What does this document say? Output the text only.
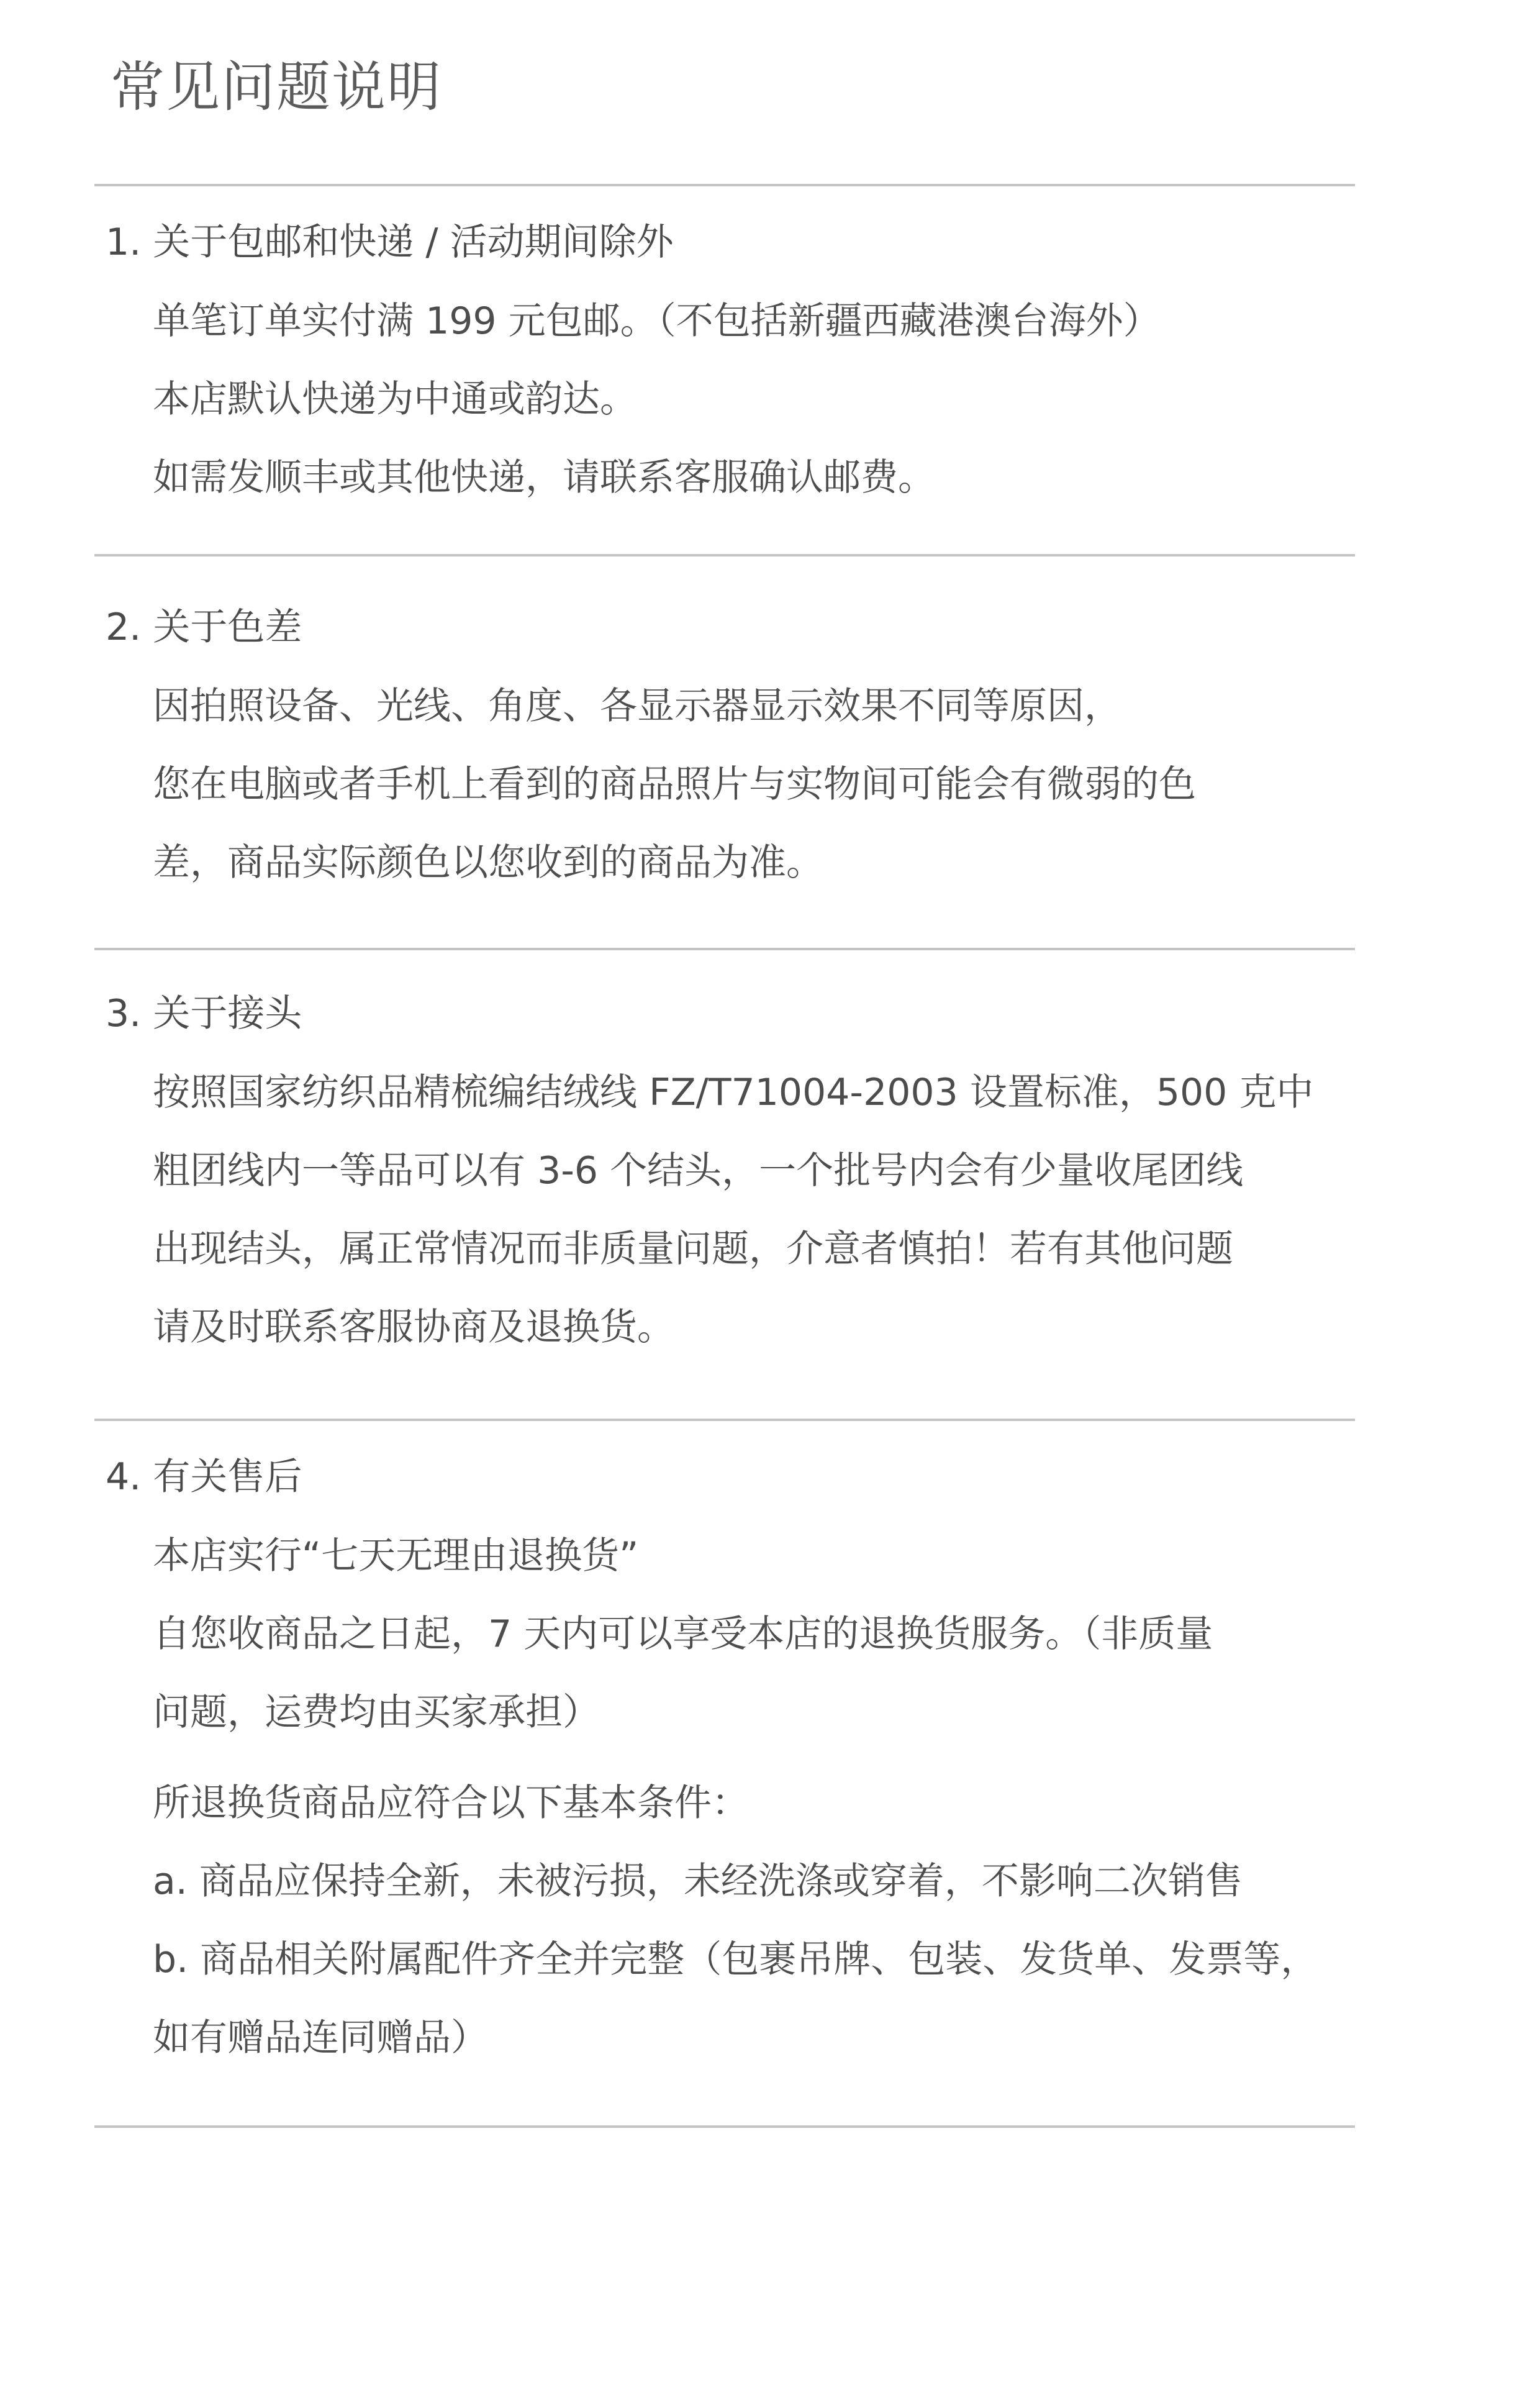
常见问题说明
1. 关于包邮和快递 / 活动期间除外
单笔订单实付满 199 元包邮。（不包括新疆西藏港澳台海外）
本店默认快递为中通或韵达。
如需发顺丰或其他快递，请联系客服确认邮费。
2. 关于色差
因拍照设备、光线、角度、各显示器显示效果不同等原因，
您在电脑或者手机上看到的商品照片与实物间可能会有微弱的色
差，商品实际颜色以您收到的商品为准。
3. 关于接头
按照国家纺织品精梳编结绒线 FZ/T71004-2003 设置标准，500 克中
粗团线内一等品可以有 3-6 个结头，一个批号内会有少量收尾团线
出现结头，属正常情况而非质量问题，介意者慎拍！若有其他问题
请及时联系客服协商及退换货。
4. 有关售后
本店实行“七天无理由退换货”
自您收商品之日起，7 天内可以享受本店的退换货服务。（非质量
问题，运费均由买家承担）
所退换货商品应符合以下基本条件：
a. 商品应保持全新，未被污损，未经洗涤或穿着，不影响二次销售
b. 商品相关附属配件齐全并完整（包裹吊牌、包装、发货单、发票等，
如有赠品连同赠品）
